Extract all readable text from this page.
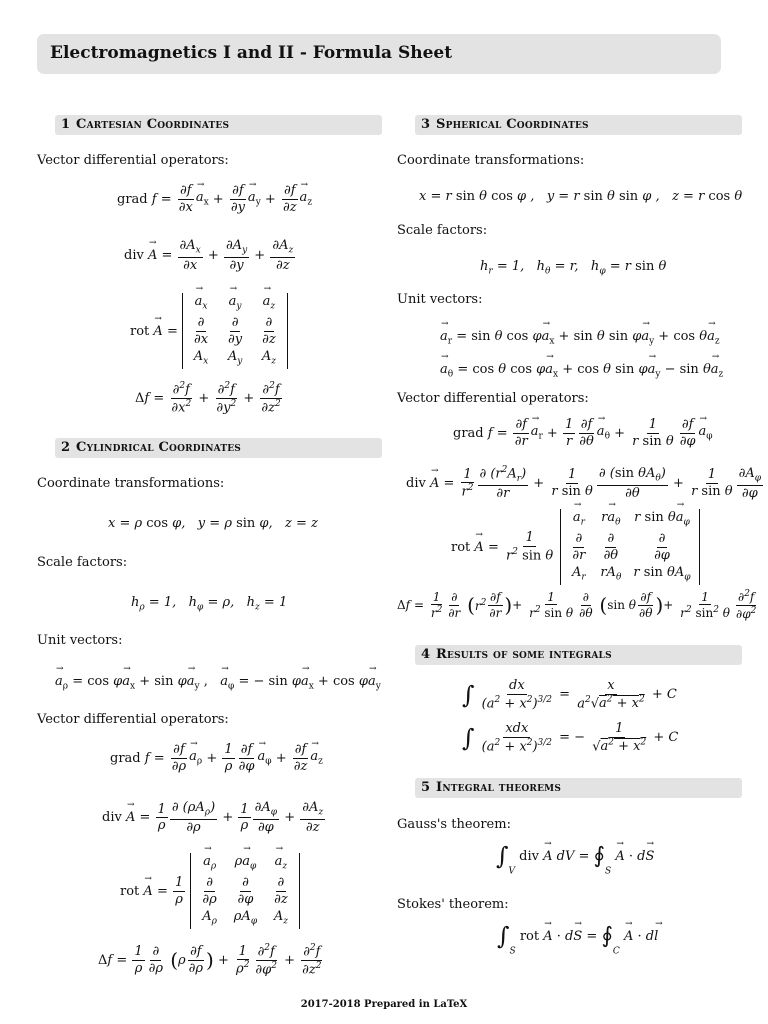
Electromagnetics I and II - Formula Sheet
1 Cartesian Coordinates
Vector differential operators:
grad $f = \frac{\partial f}{\partial x} \to a_x + \frac{\partial f}{\partial y} \to a_y + \frac{\partial f}{\partial z} \to a_z$
div → $A = \frac{\partial A_x}{\partial x} + \frac{\partial A_y}{\partial y} + \frac{\partial A_z}{\partial z}$
rot → A =
→ $a_x \to a_y \to a_z$
∂
∂x
∂
∂y
∂
∂z
$A_x$ $A_y$ $A_z$
$\Delta f = \frac{\partial^2f}{\partial x^2} + \frac{\partial^2f}{\partial y^2} + \frac{\partial^2f}{\partial z^2}$
2 Cylindrical Coordinates
Coordinate transformations:
x = ρ cos φ,   y = ρ sin φ,   z = z
Scale factors:
$h_\rho = 1$,   $h_\varphi = \rho$,   $h_z = 1$
Unit vectors:
→ $a_\rho = \cos \varphi\to a_x + \sin \varphi\to a_y$ ,   → $a_\varphi$ = − $\sin \varphi\to a_x + \cos \varphi\to a_y$
Vector differential operators:
grad $f = \frac{\partial f}{\partial\rho} \to a_\rho + \frac{1}{\rho} \frac{\partial f}{\partial\varphi} \to a_\varphi + \frac{\partial f}{\partial z} \to a_z$
div → $A = \frac{1}{\rho}$ ∂ $(\rho A_\rho)$
∂ρ
+ $\frac{1}{\rho} \frac{\partial A_\varphi}{\partial\varphi} + \frac{\partial A_z}{\partial z}$
rot → $A = \frac{1}{\rho}$

→ $a_\rho$ $\rho\to a_\varphi \to a_z$
∂
∂ρ
∂
∂φ
∂
∂z
$A_\rho$ $\rho A_\varphi$ $A_z$
$\Delta f = \frac{1}{\rho}$ ∂
∂ρ ($\rho \frac{\partial f}{\partial\rho}$ ) + $\frac{1}{\rho^2} \frac{\partial^2f}{\partial\varphi^2} + \frac{\partial^2f}{\partial z^2}$
3 Spherical Coordinates
Coordinate transformations:
x = r sin θ cos φ ,   y = r sin θ sin φ ,   z = r cos θ
Scale factors:
$h_r = 1$,   $h_\theta = r$,   $h_\varphi = r$ sin θ
Unit vectors:
→ $a_r = \sin \theta$ $\cos \varphi\to a_x + \sin \theta$ $\sin \varphi\to a_y + \cos \theta\to a_z$
→ $a_\theta = \cos \theta$ $\cos \varphi\to a_x + \cos \theta$ $\sin \varphi\to a_y - \sin \theta\to a_z$
Vector differential operators:
grad $f = \frac{\partial f}{\partial r} \to a_r + \frac{1}{r} \frac{\partial f}{\partial\theta} \to a_\theta + \frac{1}{\text{r sin θ}} \frac{\partial f}{\partial\varphi} \to a_\varphi$
div → $A = \frac{1}{r^2} \frac{\partial (r^2A_r)}{\partial r} + \frac{1}{\text{r sin θ}}$ ∂ (sin $\theta A_\theta$)
∂θ
+ $\frac{1}{\text{r sin θ}} \frac{\partial A_\varphi}{\partial\varphi}$
rot → $A = \frac{1}{r^2 \sin \theta}$

→ $a_r$ $r\to a_\theta$ r $\sin \theta\to a_\varphi$
∂
∂r
∂
∂θ
∂
∂φ
$A_r$ $rA_\theta$ r $\sin \theta A_\varphi$
$\Delta f = \frac{1}{r^2}$ ∂
∂r ($r^2 \frac{\partial f}{\partial r}$ )+ $\frac{1}{r^2 \sin \theta}$ ∂
∂θ (sin θ $\frac{\partial f}{\partial\theta}$ )+ $\frac{1}{r^2 \sin^2 \theta} \frac{\partial^2f}{\partial\varphi^2}$
4 Results of some integrals
∫ $\frac{dx}{(a^2 + x^2)^{3/2}} = \frac{x}{a^2√a^2 + x^2} + C$
∫ xdx
$(a^2 + x^2)^{3/2}$ = − $\frac{1}{√a^2 + x^2} + C$
5 Integral theorems
Gauss's theorem:
$\int_V$ div → A dV = $∮_S \to A \cdot d\to S$
Stokes' theorem:
$\int_S$ rot → $A \cdot d\to S = ∮_C \to A \cdot d\to l$
2017-2018 Prepared in LaTeX
